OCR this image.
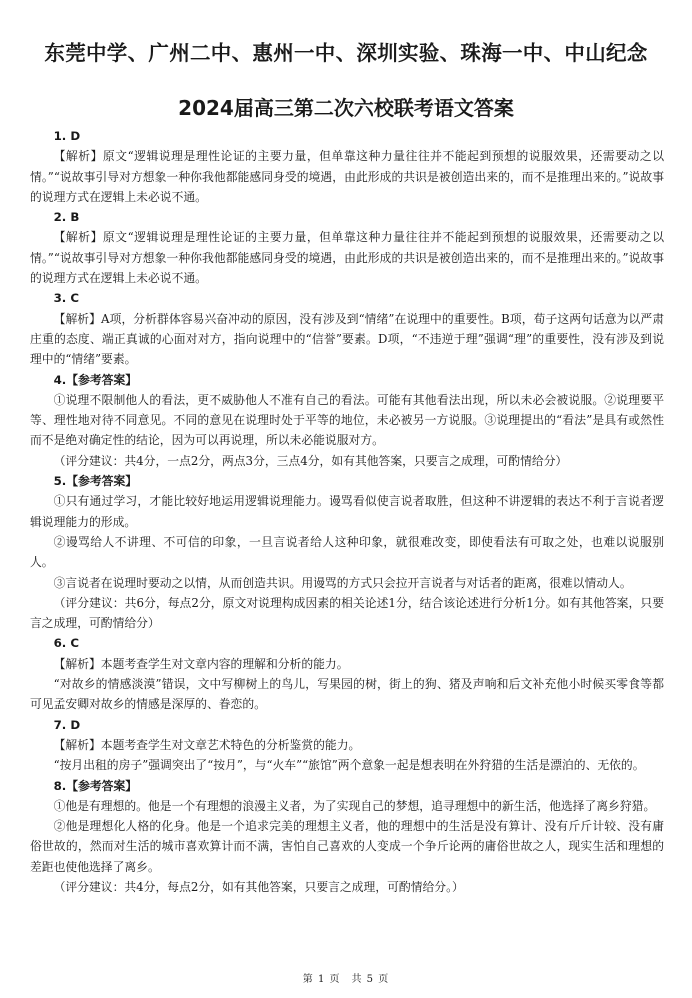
东莞中学、广州二中、惠州一中、深圳实验、珠海一中、中山纪念
2024届高三第二次六校联考语文答案

1. D

【解析】原文“逻辑说理是理性论证的主要力量，但单靠这种力量往往并不能起到预想的说服效果，还需要动之以情。”“说故事引导对方想象一种你我他都能感同身受的境遇，由此形成的共识是被创造出来的，而不是推理出来的。”说故事的说理方式在逻辑上未必说不通。

2. B

【解析】原文“逻辑说理是理性论证的主要力量，但单靠这种力量往往并不能起到预想的说服效果，还需要动之以情。”“说故事引导对方想象一种你我他都能感同身受的境遇，由此形成的共识是被创造出来的，而不是推理出来的。”说故事的说理方式在逻辑上未必说不通。

3. C

【解析】A项，分析群体容易兴奋冲动的原因，没有涉及到“情绪”在说理中的重要性。B项，荀子这两句话意为以严肃庄重的态度、端正真诚的心面对对方，指向说理中的“信誉”要素。D项，“不违逆于理”强调“理”的重要性，没有涉及到说理中的“情绪”要素。

4.【参考答案】

①说理不限制他人的看法，更不威胁他人不准有自己的看法。可能有其他看法出现，所以未必会被说服。②说理要平等、理性地对待不同意见。不同的意见在说理时处于平等的地位，未必被另一方说服。③说理提出的“看法”是具有或然性而不是绝对确定性的结论，因为可以再说理，所以未必能说服对方。

（评分建议：共4分，一点2分，两点3分，三点4分，如有其他答案，只要言之成理，可酌情给分）

5.【参考答案】

①只有通过学习，才能比较好地运用逻辑说理能力。谩骂看似使言说者取胜，但这种不讲逻辑的表达不利于言说者逻辑说理能力的形成。

②谩骂给人不讲理、不可信的印象，一旦言说者给人这种印象，就很难改变，即使看法有可取之处，也难以说服别人。

③言说者在说理时要动之以情，从而创造共识。用谩骂的方式只会拉开言说者与对话者的距离，很难以情动人。

（评分建议：共6分，每点2分，原文对说理构成因素的相关论述1分，结合该论述进行分析1分。如有其他答案，只要言之成理，可酌情给分）

6. C

【解析】本题考查学生对文章内容的理解和分析的能力。

“对故乡的情感淡漠”错误，文中写柳树上的鸟儿，写果园的树，街上的狗、猪及声响和后文补充他小时候买零食等都可见孟安卿对故乡的情感是深厚的、眷恋的。

7. D

【解析】本题考查学生对文章艺术特色的分析鉴赏的能力。

“按月出租的房子”强调突出了“按月”，与“火车”“旅馆”两个意象一起是想表明在外狩猎的生活是漂泊的、无依的。

8.【参考答案】

①他是有理想的。他是一个有理想的浪漫主义者，为了实现自己的梦想，追寻理想中的新生活，他选择了离乡狩猎。

②他是理想化人格的化身。他是一个追求完美的理想主义者，他的理想中的生活是没有算计、没有斤斤计较、没有庸俗世故的，然而对生活的城市喜欢算计而不满，害怕自己喜欢的人变成一个争斤论两的庸俗世故之人，现实生活和理想的差距也使他选择了离乡。

（评分建议：共4分，每点2分，如有其他答案，只要言之成理，可酌情给分。）

第 1 页　共 5 页
